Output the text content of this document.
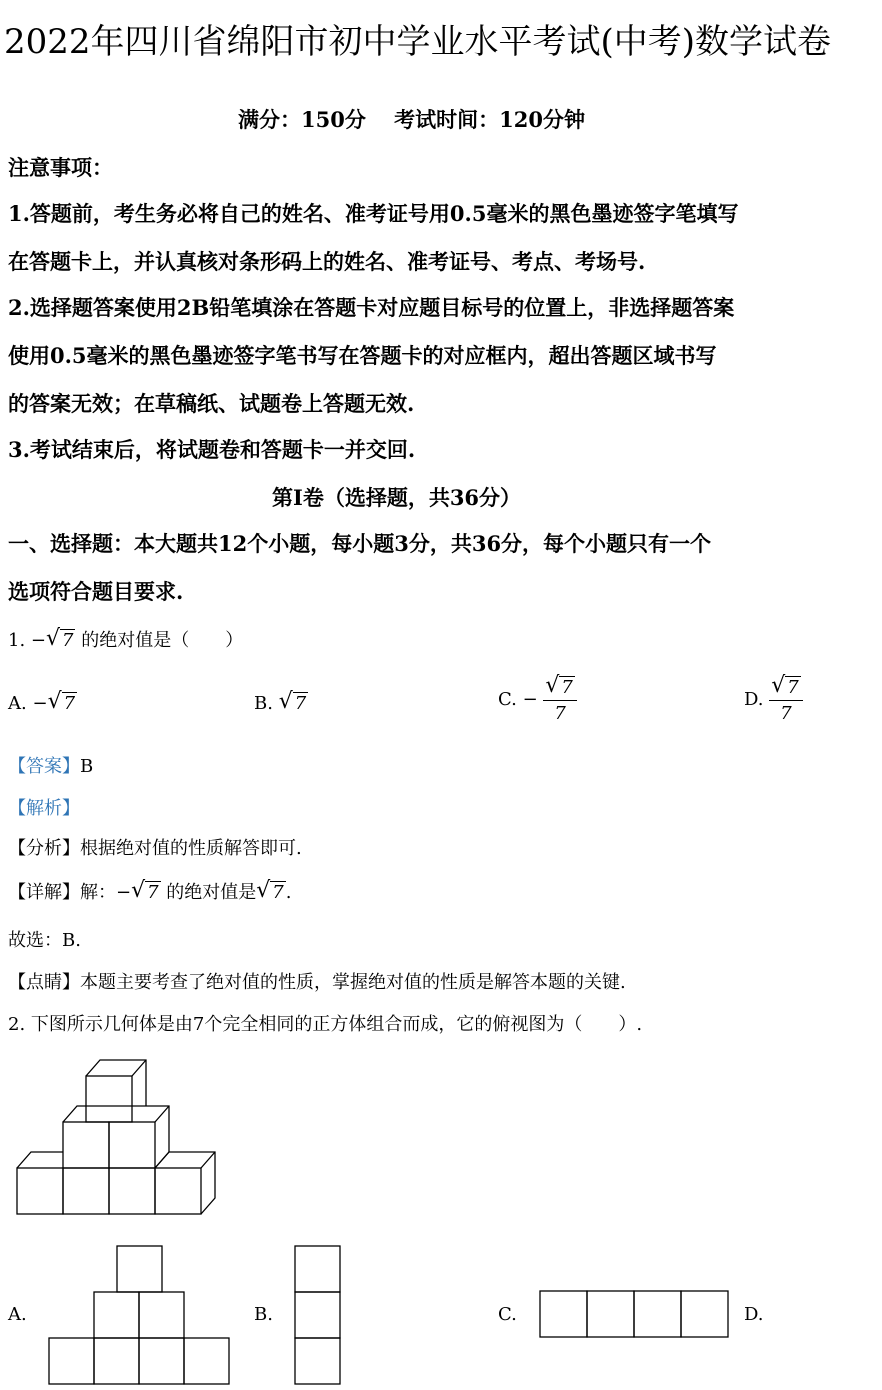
2022年四川省绵阳市初中学业水平考试(中考)数学试卷
满分：150分　 考试时间：120分钟
注意事项：
1.答题前，考生务必将自己的姓名、准考证号用0.5毫米的黑色墨迹签字笔填写
在答题卡上，并认真核对条形码上的姓名、准考证号、考点、考场号.
2.选择题答案使用2B铅笔填涂在答题卡对应题目标号的位置上，非选择题答案
使用0.5毫米的黑色墨迹签字笔书写在答题卡的对应框内，超出答题区域书写
的答案无效；在草稿纸、试题卷上答题无效.
3.考试结束后，将试题卷和答题卡一并交回.
第Ⅰ卷（选择题，共36分）
一、选择题：本大题共12个小题，每小题3分，共36分，每个小题只有一个
选项符合题目要求.
1. − √ 7 的绝对值是（　　）
A. − √ 7	B. √ 7	C. − √ $\frac{7}{7}$	D. √ $\frac{7}{7}$
【答案】B
【解析】
【分析】根据绝对值的性质解答即可.
【详解】解：− √ 7 的绝对值是 √ 7 .
故选：B.
【点睛】本题主要考查了绝对值的性质，掌握绝对值的性质是解答本题的关键.
2. 下图所示几何体是由7个完全相同的正方体组合而成，它的俯视图为（　　）.
A.	B.	C.	D.
